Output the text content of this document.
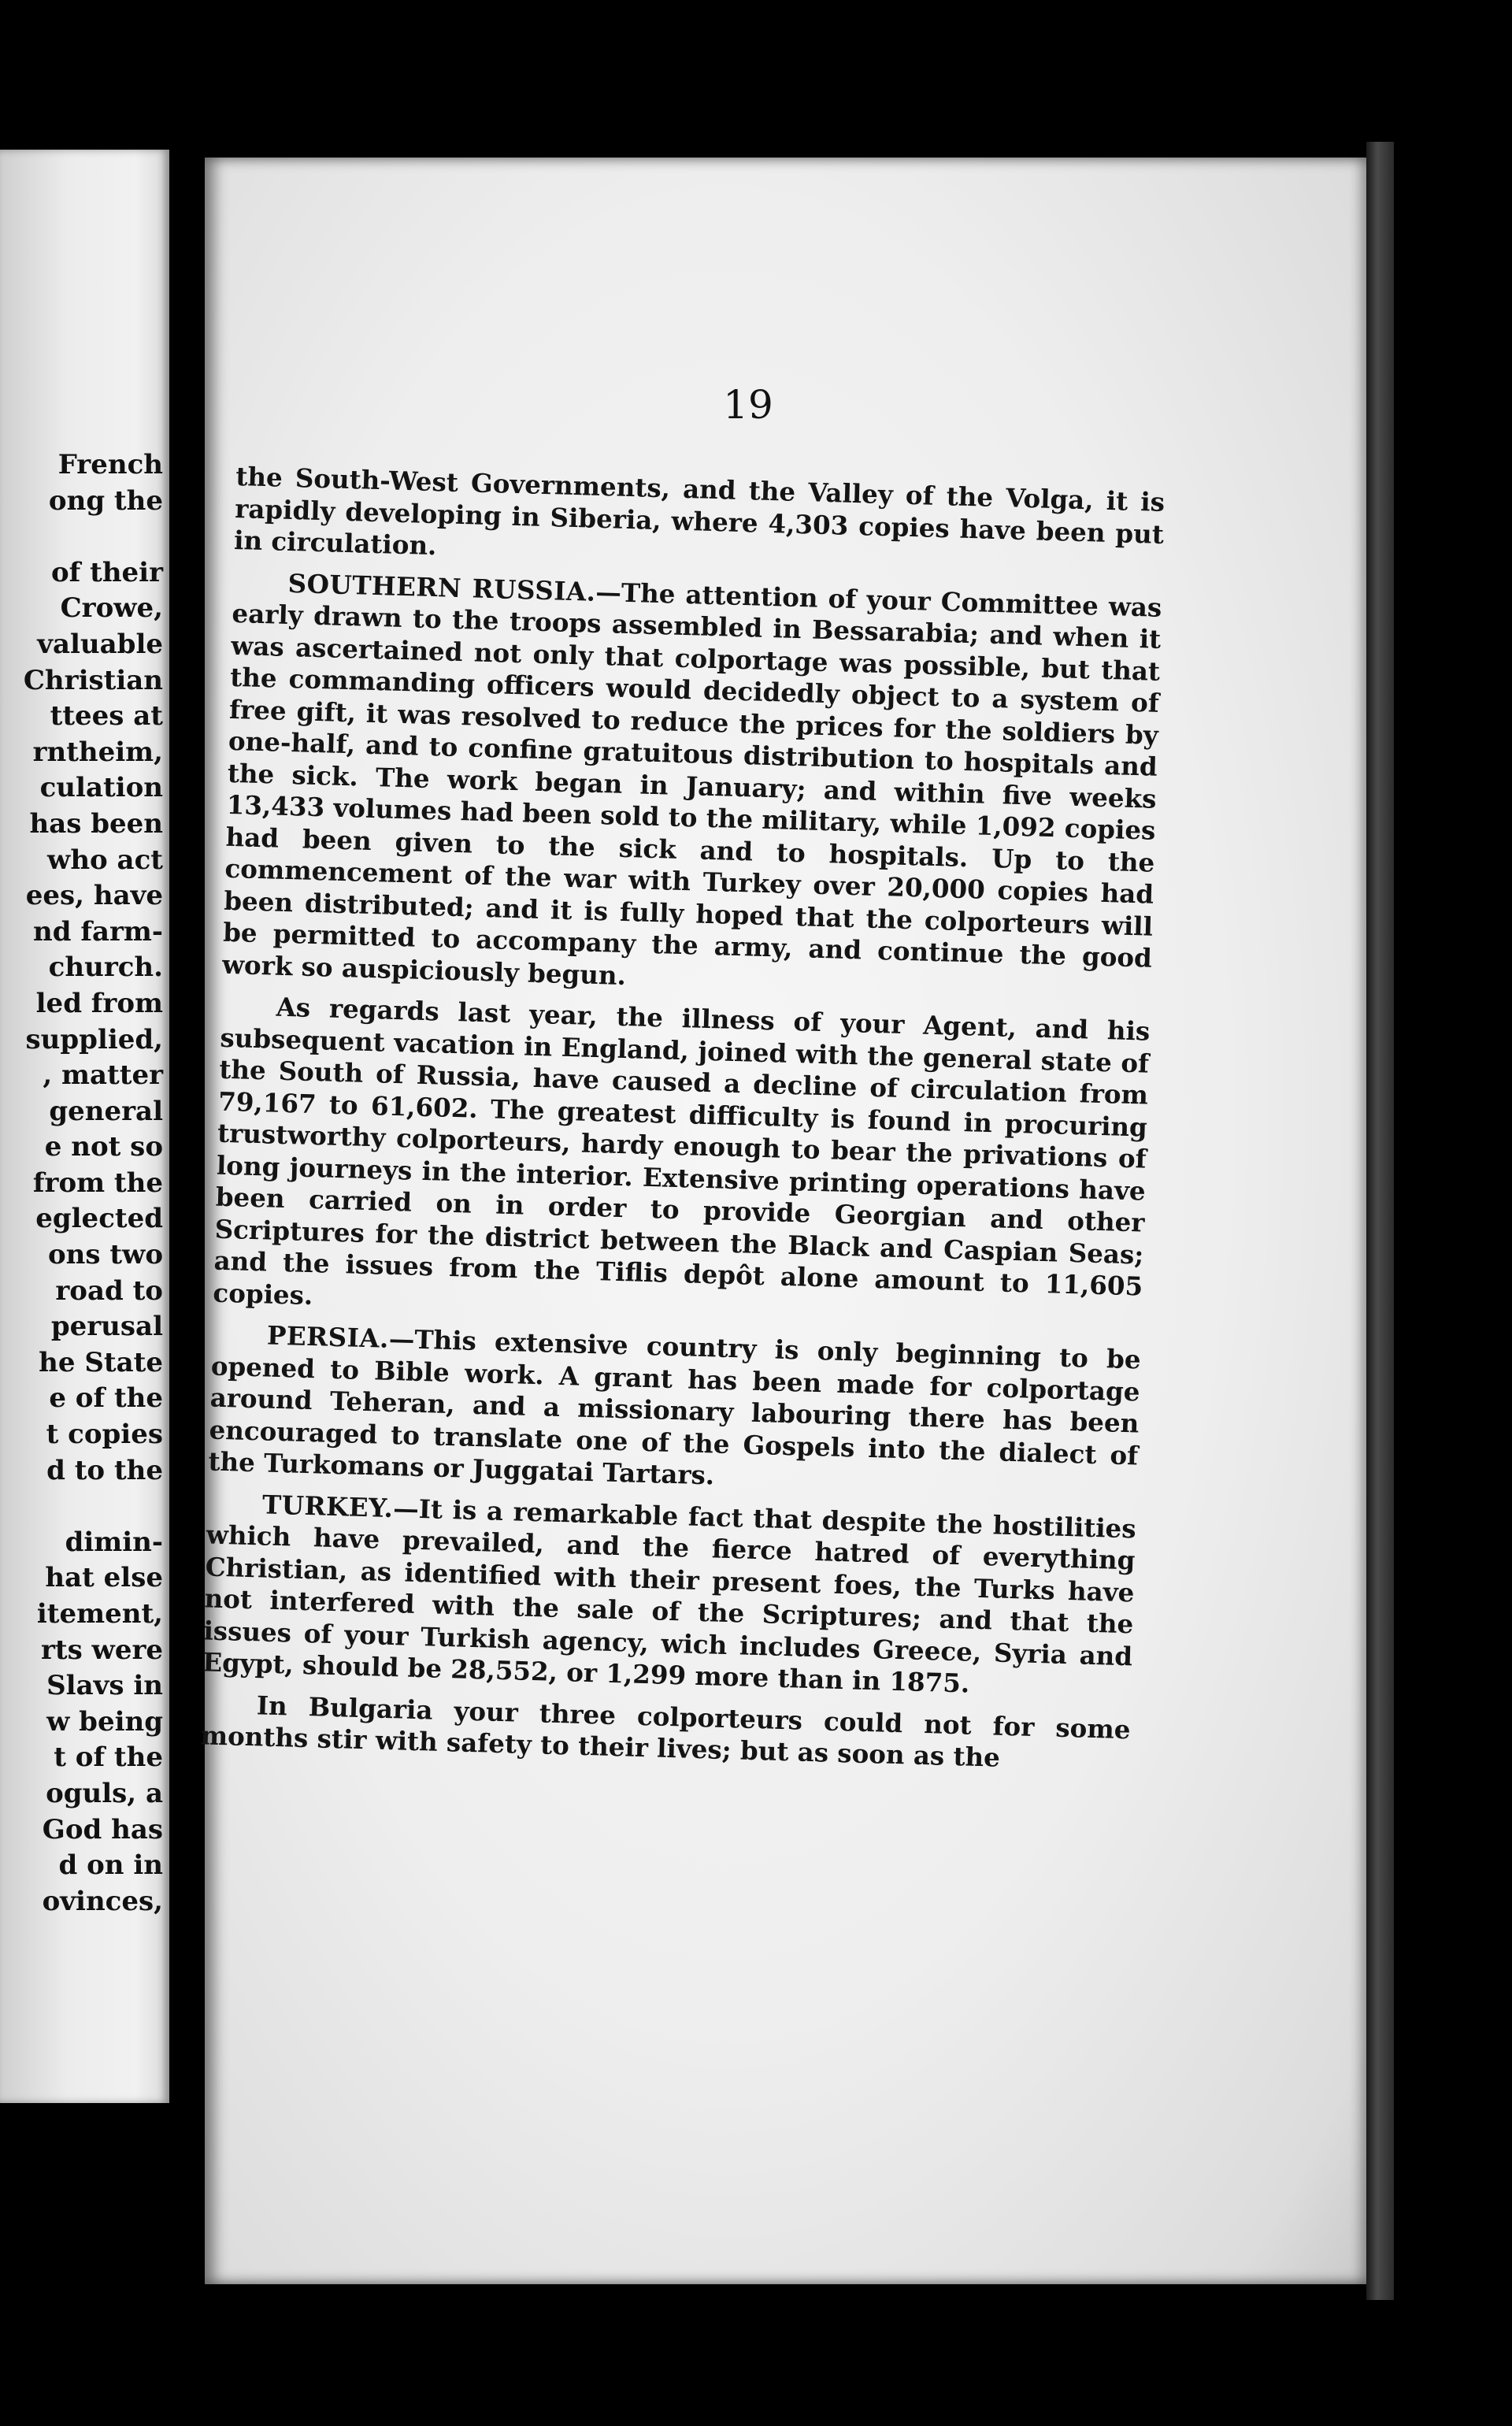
French
ong the
of their
Crowe,
valuable
Christian
ttees at
rntheim,
culation
has been
who act
ees, have
nd farm-
church.
led from
supplied,
, matter
general
e not so
from the
eglected
ons two
road to
perusal
he State
e of the
t copies
d to the
dimin-
hat else
itement,
rts were
Slavs in
w being
t of the
oguls, a
God has
d on in
ovinces,
19

the South-West Governments, and the Valley of the Volga, it is rapidly developing in Siberia, where 4,303 copies have been put in circulation.

SOUTHERN RUSSIA.—The attention of your Committee was early drawn to the troops assembled in Bessarabia; and when it was ascertained not only that colportage was possible, but that the commanding officers would decidedly object to a system of free gift, it was resolved to reduce the prices for the soldiers by one-half, and to confine gratuitous distribution to hospitals and the sick. The work began in January; and within five weeks 13,433 volumes had been sold to the military, while 1,092 copies had been given to the sick and to hospitals. Up to the commencement of the war with Turkey over 20,000 copies had been distributed; and it is fully hoped that the colporteurs will be permitted to accompany the army, and continue the good work so auspiciously begun.

As regards last year, the illness of your Agent, and his subsequent vacation in England, joined with the general state of the South of Russia, have caused a decline of circulation from 79,167 to 61,602. The greatest difficulty is found in procuring trustworthy colporteurs, hardy enough to bear the privations of long journeys in the interior. Extensive printing operations have been carried on in order to provide Georgian and other Scriptures for the district between the Black and Caspian Seas; and the issues from the Tiflis depôt alone amount to 11,605 copies.

PERSIA.—This extensive country is only beginning to be opened to Bible work. A grant has been made for colportage around Teheran, and a missionary labouring there has been encouraged to translate one of the Gospels into the dialect of the Turkomans or Juggatai Tartars.

TURKEY.—It is a remarkable fact that despite the hostilities which have prevailed, and the fierce hatred of everything Christian, as identified with their present foes, the Turks have not interfered with the sale of the Scriptures; and that the issues of your Turkish agency, wich includes Greece, Syria and Egypt, should be 28,552, or 1,299 more than in 1875.

In Bulgaria your three colporteurs could not for some months stir with safety to their lives; but as soon as the
